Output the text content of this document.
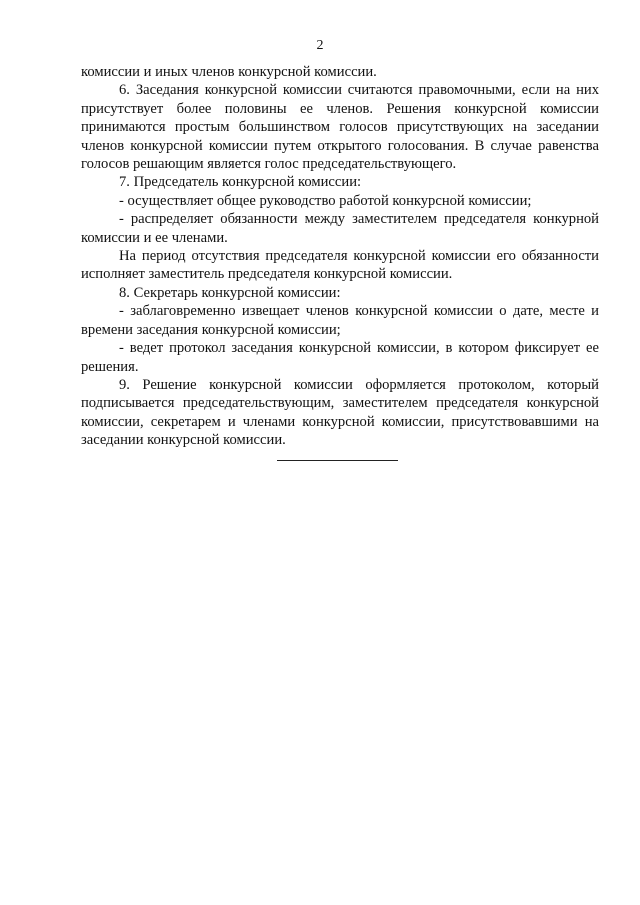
2

комиссии и иных членов конкурсной комиссии.

6. Заседания конкурсной комиссии считаются правомочными, если на них присутствует более половины ее членов. Решения конкурсной комиссии принимаются простым большинством голосов присутствующих на заседании членов конкурсной комиссии путем открытого голосования. В случае равенства голосов решающим является голос председательствующего.

7. Председатель конкурсной комиссии:

- осуществляет общее руководство работой конкурсной комиссии;

- распределяет обязанности между заместителем председателя конкурной комиссии и ее членами.

На период отсутствия председателя конкурсной комиссии его обязанности исполняет заместитель председателя конкурсной комиссии.

8. Секретарь конкурсной комиссии:

- заблаговременно извещает членов конкурсной комиссии о дате, месте и времени заседания конкурсной комиссии;

- ведет протокол заседания конкурсной комиссии, в котором фиксирует ее решения.

9. Решение конкурсной комиссии оформляется протоколом, который подписывается председательствующим, заместителем председателя конкурсной комиссии, секретарем и членами конкурсной комиссии, присутствовавшими на заседании конкурсной комиссии.
